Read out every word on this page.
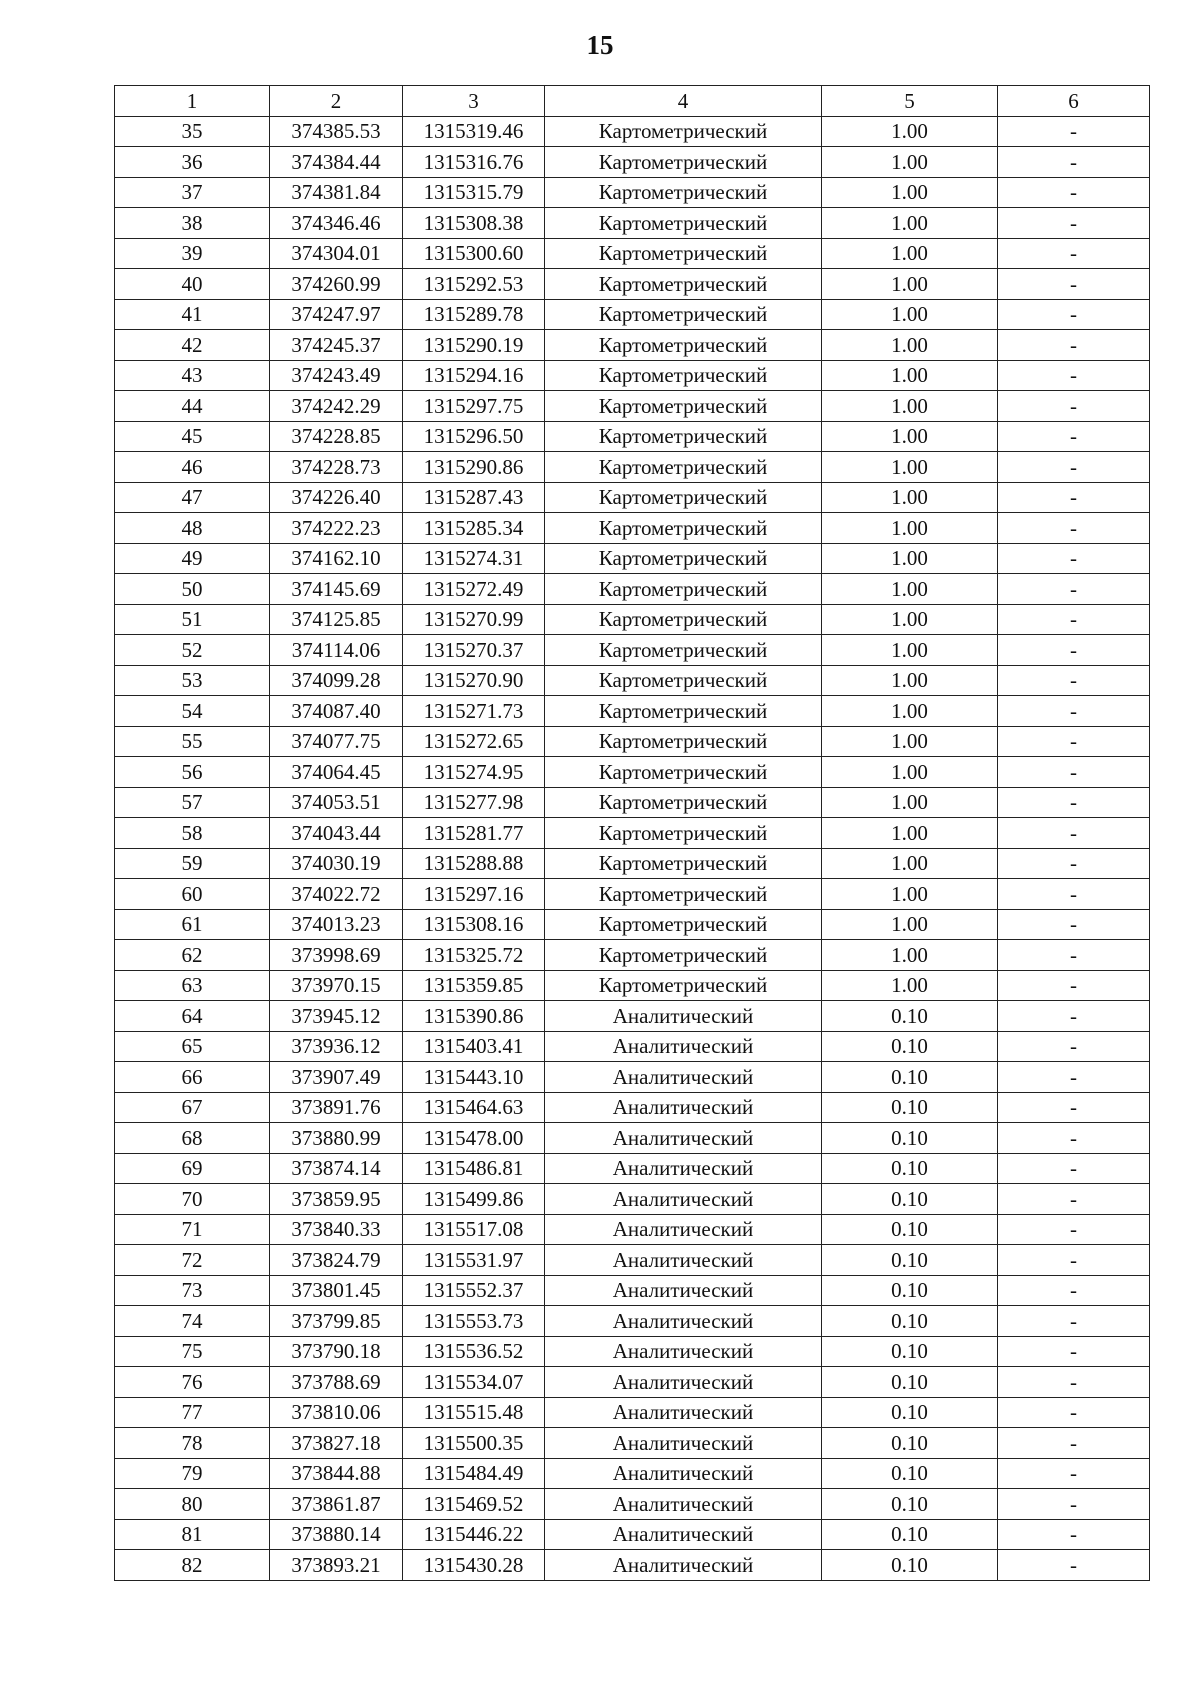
15
1	2	3	4	5	6
35	374385.53	1315319.46	Картометрический	1.00	-
36	374384.44	1315316.76	Картометрический	1.00	-
37	374381.84	1315315.79	Картометрический	1.00	-
38	374346.46	1315308.38	Картометрический	1.00	-
39	374304.01	1315300.60	Картометрический	1.00	-
40	374260.99	1315292.53	Картометрический	1.00	-
41	374247.97	1315289.78	Картометрический	1.00	-
42	374245.37	1315290.19	Картометрический	1.00	-
43	374243.49	1315294.16	Картометрический	1.00	-
44	374242.29	1315297.75	Картометрический	1.00	-
45	374228.85	1315296.50	Картометрический	1.00	-
46	374228.73	1315290.86	Картометрический	1.00	-
47	374226.40	1315287.43	Картометрический	1.00	-
48	374222.23	1315285.34	Картометрический	1.00	-
49	374162.10	1315274.31	Картометрический	1.00	-
50	374145.69	1315272.49	Картометрический	1.00	-
51	374125.85	1315270.99	Картометрический	1.00	-
52	374114.06	1315270.37	Картометрический	1.00	-
53	374099.28	1315270.90	Картометрический	1.00	-
54	374087.40	1315271.73	Картометрический	1.00	-
55	374077.75	1315272.65	Картометрический	1.00	-
56	374064.45	1315274.95	Картометрический	1.00	-
57	374053.51	1315277.98	Картометрический	1.00	-
58	374043.44	1315281.77	Картометрический	1.00	-
59	374030.19	1315288.88	Картометрический	1.00	-
60	374022.72	1315297.16	Картометрический	1.00	-
61	374013.23	1315308.16	Картометрический	1.00	-
62	373998.69	1315325.72	Картометрический	1.00	-
63	373970.15	1315359.85	Картометрический	1.00	-
64	373945.12	1315390.86	Аналитический	0.10	-
65	373936.12	1315403.41	Аналитический	0.10	-
66	373907.49	1315443.10	Аналитический	0.10	-
67	373891.76	1315464.63	Аналитический	0.10	-
68	373880.99	1315478.00	Аналитический	0.10	-
69	373874.14	1315486.81	Аналитический	0.10	-
70	373859.95	1315499.86	Аналитический	0.10	-
71	373840.33	1315517.08	Аналитический	0.10	-
72	373824.79	1315531.97	Аналитический	0.10	-
73	373801.45	1315552.37	Аналитический	0.10	-
74	373799.85	1315553.73	Аналитический	0.10	-
75	373790.18	1315536.52	Аналитический	0.10	-
76	373788.69	1315534.07	Аналитический	0.10	-
77	373810.06	1315515.48	Аналитический	0.10	-
78	373827.18	1315500.35	Аналитический	0.10	-
79	373844.88	1315484.49	Аналитический	0.10	-
80	373861.87	1315469.52	Аналитический	0.10	-
81	373880.14	1315446.22	Аналитический	0.10	-
82	373893.21	1315430.28	Аналитический	0.10	-
